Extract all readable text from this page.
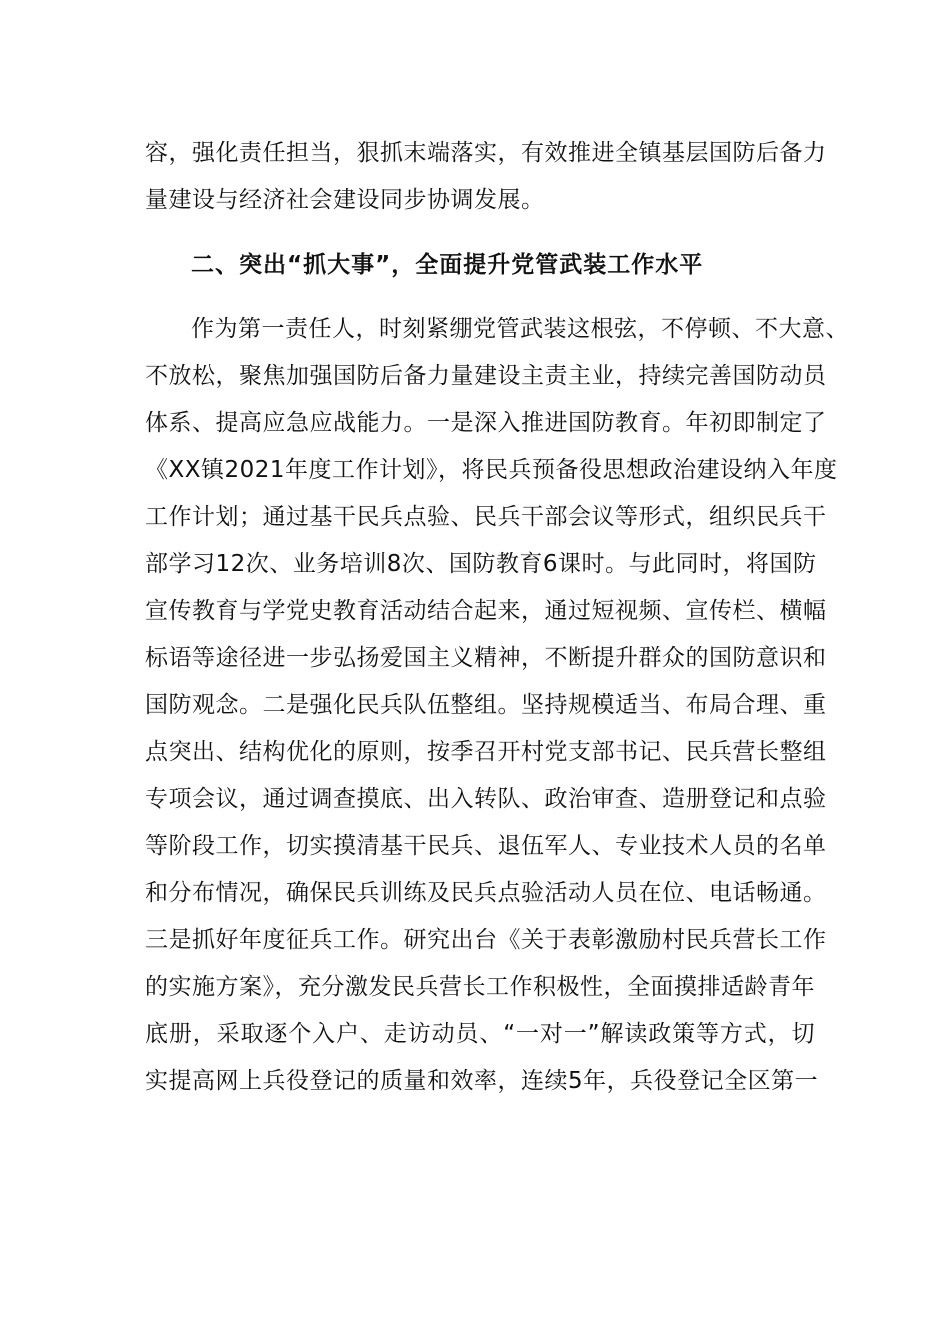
容，强化责任担当，狠抓末端落实，有效推进全镇基层国防后备力
量建设与经济社会建设同步协调发展。
二、突出“抓大事”，全面提升党管武装工作水平
作为第一责任人，时刻紧绷党管武装这根弦，不停顿、不大意、
不放松，聚焦加强国防后备力量建设主责主业，持续完善国防动员
体系、提高应急应战能力。一是深入推进国防教育。年初即制定了
《XX镇2021年度工作计划》，将民兵预备役思想政治建设纳入年度
工作计划；通过基干民兵点验、民兵干部会议等形式，组织民兵干
部学习12次、业务培训8次、国防教育6课时。与此同时，将国防
宣传教育与学党史教育活动结合起来，通过短视频、宣传栏、横幅
标语等途径进一步弘扬爱国主义精神，不断提升群众的国防意识和
国防观念。二是强化民兵队伍整组。坚持规模适当、布局合理、重
点突出、结构优化的原则，按季召开村党支部书记、民兵营长整组
专项会议，通过调查摸底、出入转队、政治审查、造册登记和点验
等阶段工作，切实摸清基干民兵、退伍军人、专业技术人员的名单
和分布情况，确保民兵训练及民兵点验活动人员在位、电话畅通。
三是抓好年度征兵工作。研究出台《关于表彰激励村民兵营长工作
的实施方案》，充分激发民兵营长工作积极性，全面摸排适龄青年
底册，采取逐个入户、走访动员、“一对一”解读政策等方式，切
实提高网上兵役登记的质量和效率，连续5年，兵役登记全区第一
